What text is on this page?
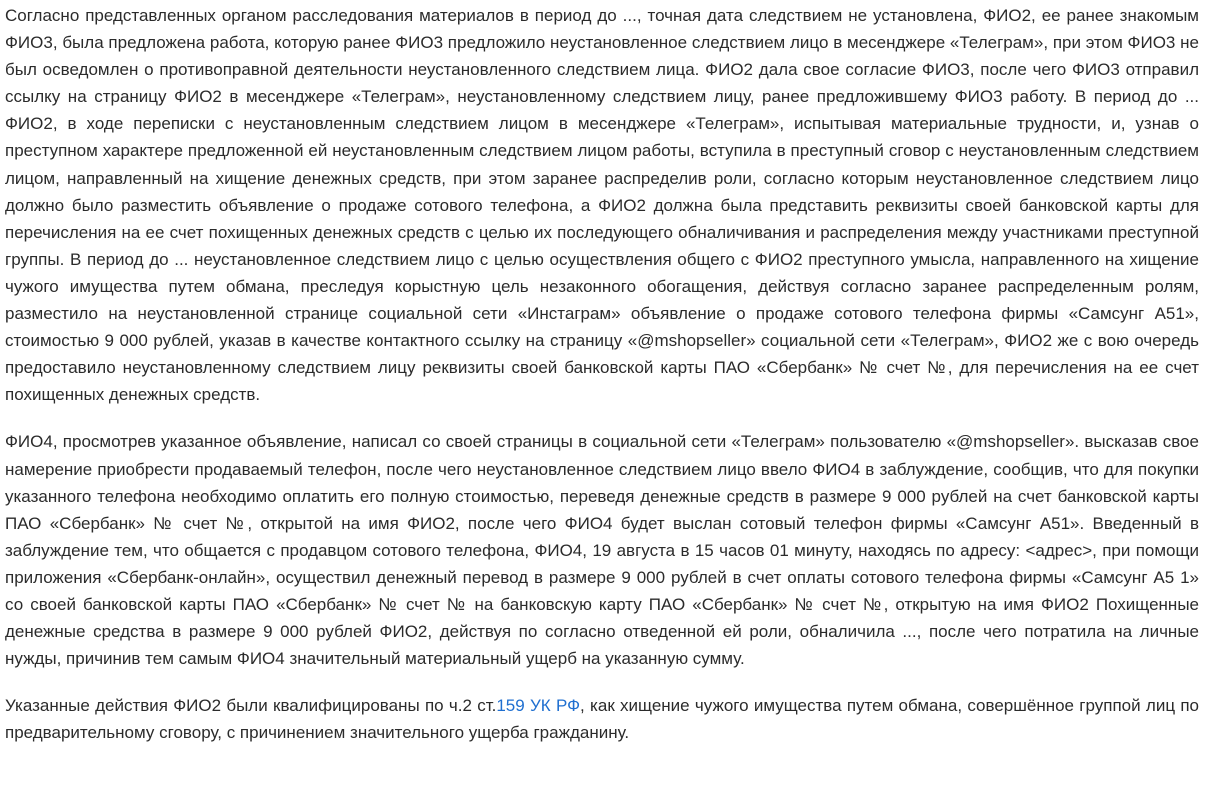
Согласно представленных органом расследования материалов в период до ..., точная дата следствием не установлена, ФИО2, ее ранее знакомым ФИО3, была предложена работа, которую ранее ФИО3 предложило неустановленное следствием лицо в месенджере «Телеграм», при этом ФИО3 не был осведомлен о противоправной деятельности неустановленного следствием лица. ФИО2 дала свое согласие ФИО3, после чего ФИО3 отправил ссылку на страницу ФИО2 в месенджере «Телеграм», неустановленному следствием лицу, ранее предложившему ФИО3 работу. В период до ... ФИО2, в ходе переписки с неустановленным следствием лицом в месенджере «Телеграм», испытывая материальные трудности, и, узнав о преступном характере предложенной ей неустановленным следствием лицом работы, вступила в преступный сговор с неустановленным следствием лицом, направленный на хищение денежных средств, при этом заранее распределив роли, согласно которым неустановленное следствием лицо должно было разместить объявление о продаже сотового телефона, а ФИО2 должна была представить реквизиты своей банковской карты для перечисления на ее счет похищенных денежных средств с целью их последующего обналичивания и распределения между участниками преступной группы. В период до ... неустановленное следствием лицо с целью осуществления общего с ФИО2 преступного умысла, направленного на хищение чужого имущества путем обмана, преследуя корыстную цель незаконного обогащения, действуя согласно заранее распределенным ролям, разместило на неустановленной странице социальной сети «Инстаграм» объявление о продаже сотового телефона фирмы «Самсунг А51», стоимостью 9 000 рублей, указав в качестве контактного ссылку на страницу «@mshopseller» социальной сети «Телеграм», ФИО2 же с вою очередь предоставило неустановленному следствием лицу реквизиты своей банковской карты ПАО «Сбербанк» № счет №, для перечисления на ее счет похищенных денежных средств.

ФИО4, просмотрев указанное объявление, написал со своей страницы в социальной сети «Телеграм» пользователю «@mshopseller». высказав свое намерение приобрести продаваемый телефон, после чего неустановленное следствием лицо ввело ФИО4 в заблуждение, сообщив, что для покупки указанного телефона необходимо оплатить его полную стоимостью, переведя денежные средств в размере 9 000 рублей на счет банковской карты ПАО «Сбербанк» № счет №, открытой на имя ФИО2, после чего ФИО4 будет выслан сотовый телефон фирмы «Самсунг А51». Введенный в заблуждение тем, что общается с продавцом сотового телефона, ФИО4, 19 августа в 15 часов 01 минуту, находясь по адресу: <адрес>, при помощи приложения «Сбербанк-онлайн», осуществил денежный перевод в размере 9 000 рублей в счет оплаты сотового телефона фирмы «Самсунг А5 1» со своей банковской карты ПАО «Сбербанк» № счет № на банковскую карту ПАО «Сбербанк» № счет №, открытую на имя ФИО2 Похищенные денежные средства в размере 9 000 рублей ФИО2, действуя по согласно отведенной ей роли, обналичила ..., после чего потратила на личные нужды, причинив тем самым ФИО4 значительный материальный ущерб на указанную сумму.

Указанные действия ФИО2 были квалифицированы по ч.2 ст.159 УК РФ, как хищение чужого имущества путем обмана, совершённое группой лиц по предварительному сговору, с причинением значительного ущерба гражданину.
